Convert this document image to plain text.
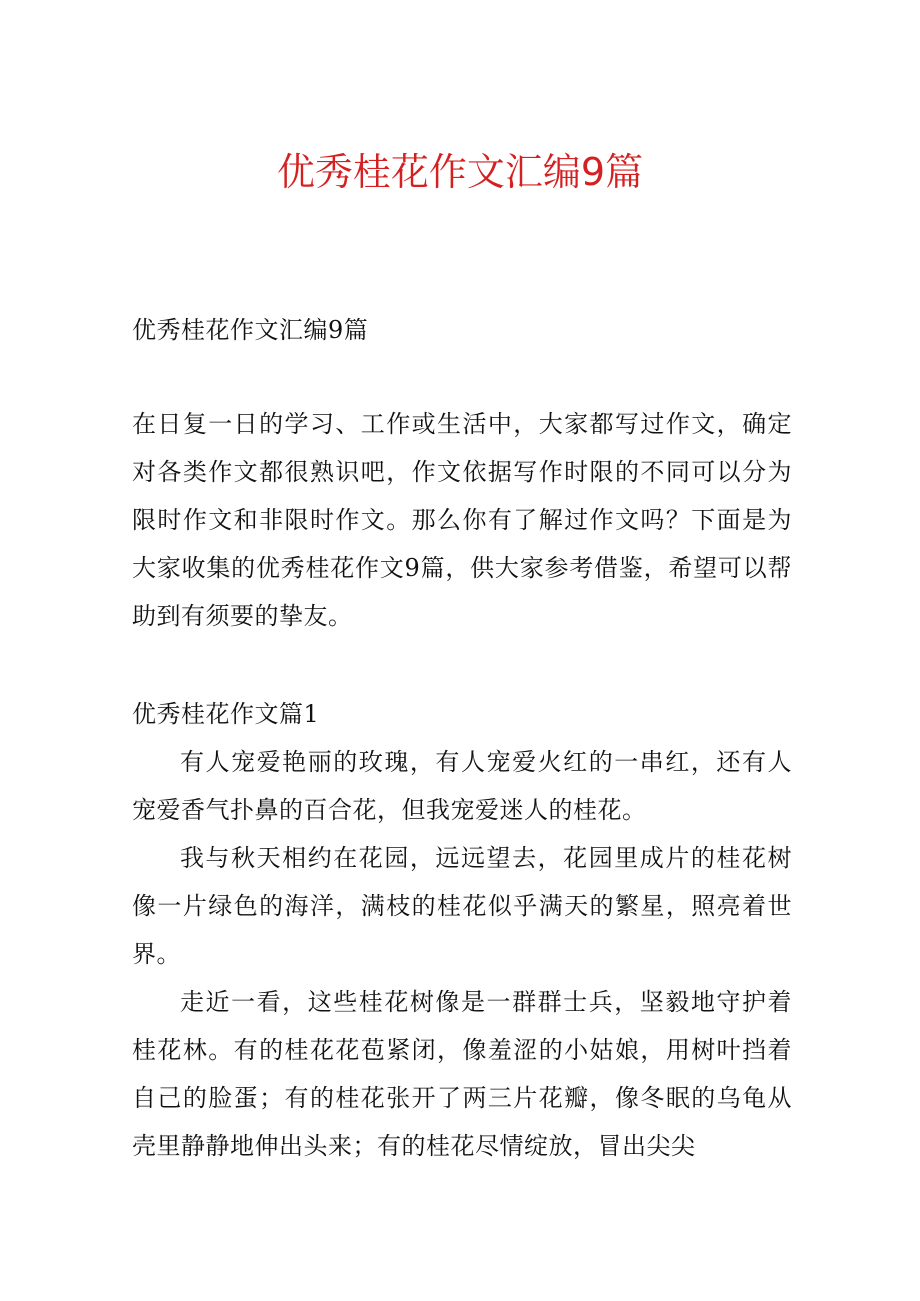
优秀桂花作文汇编9篇
优秀桂花作文汇编9篇

在日复一日的学习、工作或生活中，大家都写过作文，确定对各类作文都很熟识吧，作文依据写作时限的不同可以分为限时作文和非限时作文。那么你有了解过作文吗？下面是为大家收集的优秀桂花作文9篇，供大家参考借鉴，希望可以帮助到有须要的挚友。

优秀桂花作文篇1

有人宠爱艳丽的玫瑰，有人宠爱火红的一串红，还有人宠爱香气扑鼻的百合花，但我宠爱迷人的桂花。

我与秋天相约在花园，远远望去，花园里成片的桂花树像一片绿色的海洋，满枝的桂花似乎满天的繁星，照亮着世界。

走近一看，这些桂花树像是一群群士兵，坚毅地守护着桂花林。有的桂花花苞紧闭，像羞涩的小姑娘，用树叶挡着自己的脸蛋；有的桂花张开了两三片花瓣，像冬眠的乌龟从壳里静静地伸出头来；有的桂花尽情绽放，冒出尖尖
